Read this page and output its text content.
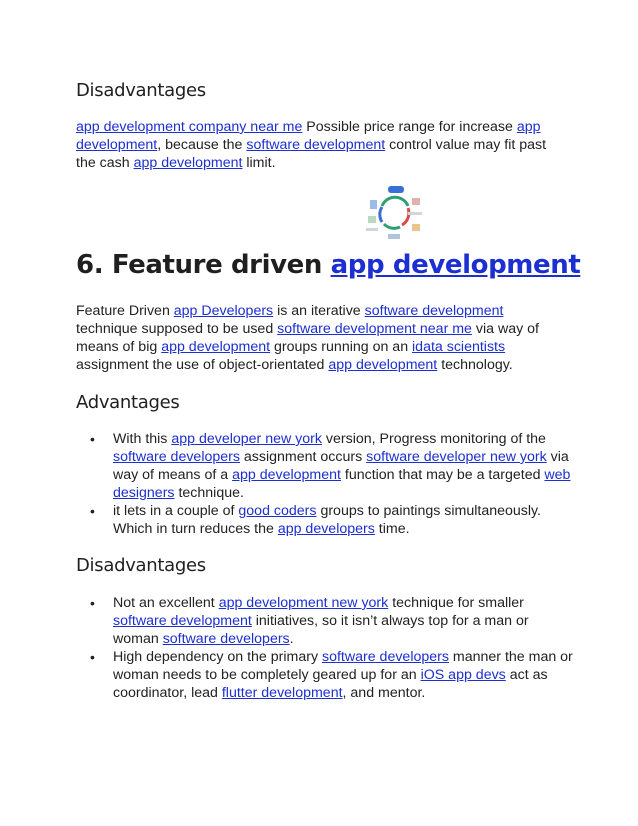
Disadvantages

app development company near me Possible price range for increase app development, because the software development control value may fit past the cash app development limit.

6. Feature driven app development

Feature Driven app Developers is an iterative software development technique supposed to be used software development near me via way of means of big app development groups running on an idata scientists assignment the use of object-orientated app development technology.

Advantages
• With this app developer new york version, Progress monitoring of the software developers assignment occurs software developer new york via way of means of a app development function that may be a targeted web designers technique.
• it lets in a couple of good coders groups to paintings simultaneously. Which in turn reduces the app developers time.
Disadvantages
• Not an excellent app development new york technique for smaller software development initiatives, so it isn’t always top for a man or woman software developers.
• High dependency on the primary software developers manner the man or woman needs to be completely geared up for an iOS app devs act as coordinator, lead flutter development, and mentor.
